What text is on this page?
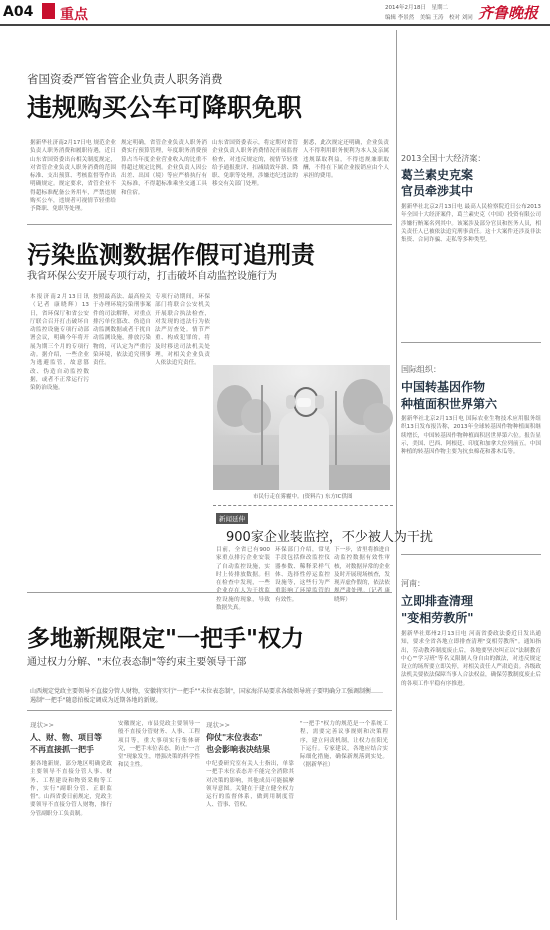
A04 重点	2014年2月18日　星期二
编辑 李景然　美编 王涛　校对 刘同 齐鲁晚报
省国资委严管省管企业负责人职务消费
违规购买公车可降职免职
据新华社济南2月17日电 规范企业负责人职务消费和履职待遇，近日山东省国资委出台相关制度规定，对省管企业负责人职务消费的范围标准、支出预算、考核监督等作出明确规定。规定要求，省管企业不得超标准配备公务用车，严禁违规购买公车，违规者可视情节轻重给予降职、免职等处理。
规定明确，省管企业负责人职务消费实行预算管理，年度职务消费预算占当年度企业营业收入的比重不得超过规定比例。企业负责人因公出差、出国（境）等应严格执行有关标准，不得超标准乘坐交通工具和住宿。
山东省国资委表示，将定期对省管企业负责人职务消费情况开展监督检查，对违反规定的，视情节轻重给予通报批评、扣减绩效年薪、降职、免职等处理，涉嫌违纪违法的移交有关部门处理。
据悉，此次规定还明确，企业负责人不得利用职务便利为本人及亲属违规谋取利益，不得违规兼职取酬，不得在下属企业报销应由个人承担的费用。
2013全国十大经济案：
葛兰素史克案
官员牵涉其中
据新华社北京2月13日电 最高人民检察院近日公布2013年全国十大经济案件，葛兰素史克（中国）投资有限公司涉嫌行贿案名列其中。该案涉及部分官员和医务人员，相关责任人已被依法追究刑事责任。这十大案件还涉及非法集资、合同诈骗、走私等多种类型。
污染监测数据作假可追刑责
我省环保公安开展专项行动，打击破坏自动监控设施行为
本报济南2月13日讯（记者 康晓辉）13日，省环保厅和省公安厅联合召开打击破坏自动监控设施专项行动部署会议，明确今年将开展为期三个月的专项行动。据介绍，一些企业为逃避监管，故意篡改、伪造自动监控数据，或者不正常运行污染防治设施。
按照最高法、最高检关于办理环境污染刑事案件的司法解释，对重点排污单位篡改、伪造自动监测数据或者干扰自动监测设施，排放污染物的，可认定为严重污染环境，依法追究刑事责任。
专项行动期间，环保部门将联合公安机关开展联合执法检查，对发现的违法行为依法严厉查处。情节严重、构成犯罪的，将及时移送司法机关处理，对相关企业负责人依法追究责任。
市民行走在雾霾中。(资料片) 东方IC供图
新闻延伸
900家企业装监控，不少被人为干扰
目前，全省已有900家重点排污企业安装了自动监控设施，实时上传排放数据。但在检查中发现，一些 控设施的现象，导致数据失真。
环保部门介绍，常见手段包括修改监控仪器参数、稀释采样气体、选择性停运监控设施等，这些行为严 有效性。
下一步，省里将推进自动监控数据有效性审核，对数据异常的企业及时开展现场核查，发现弄虚作假的，依法依 晓辉）
国际组织：
中国转基因作物
种植面积世界第六
据新华社北京2月13日电 国际农业生物技术应用服务组织13日发布报告称，2013年全球转基因作物种植面积继续增长，中国转基因作物种植面积居世界第六位。报告显示，美国、巴西、阿根廷、印度和加拿大位列前五。中国种植的转基因作物主要为抗虫棉花和番木瓜等。
河南：
立即排查清理
"变相劳教所"
据新华社郑州2月13日电 河南省委政法委近日发出通知，要求全省各地立即排查清理"变相劳教所"。通知指出，劳动教养制度废止后，各地要坚决纠正以"法制教育中心""学习班"等名义限制人身自由的做法，对违反规定设立的场所要立即关停，对相关责任人严肃追责。各级政法机关要依法保障当事人合法权益，确保劳教制度废止后的各项工作平稳有序推进。
多地新规限定"一把手"权力
通过权力分解、"末位表态制"等约束主要领导干部
山西规定党政主要领导不直接分管人财物，安徽将实行"一把手""末位表态制"，国家海洋局要求各级领导班子要明确分工强调制衡……遏制"一把手"随意拍板定调成为近期各地的新规。
现状>>
人、财、物、项目等
不再直接抓一把手
据各地新规，部分地区明确党政主要领导不直接分管人事、财务、工程建设和物资采购等工作，实行"副职分管、正职监督"。山西省委日前规定，党政主要领导不直接分管人财物，推行分管副职分工负责制。
安徽规定，市县党政主要领导一般不直接分管财务、人事、工程项目等，重大事项实行集体研究，一把手末位表态，防止"一言堂"现象发生，增强决策的科学性和民主性。
现状>>
仰仗"末位表态"
也会影响表决结果
中纪委研究室有关人士指出，单靠一把手末位表态并不能完全消除其对决策的影响，其他成员可能揣摩领导意图。关键在于建立健全权力运行的监督体系，做到用制度管人、管事、管权。
"一把手"权力的规范是一个系统工程，需要完善议事规则和决策程序，建立问责机制，让权力在阳光下运行。专家建议，各地应结合实际细化措施，确保新规落到实处。（据新华社）
